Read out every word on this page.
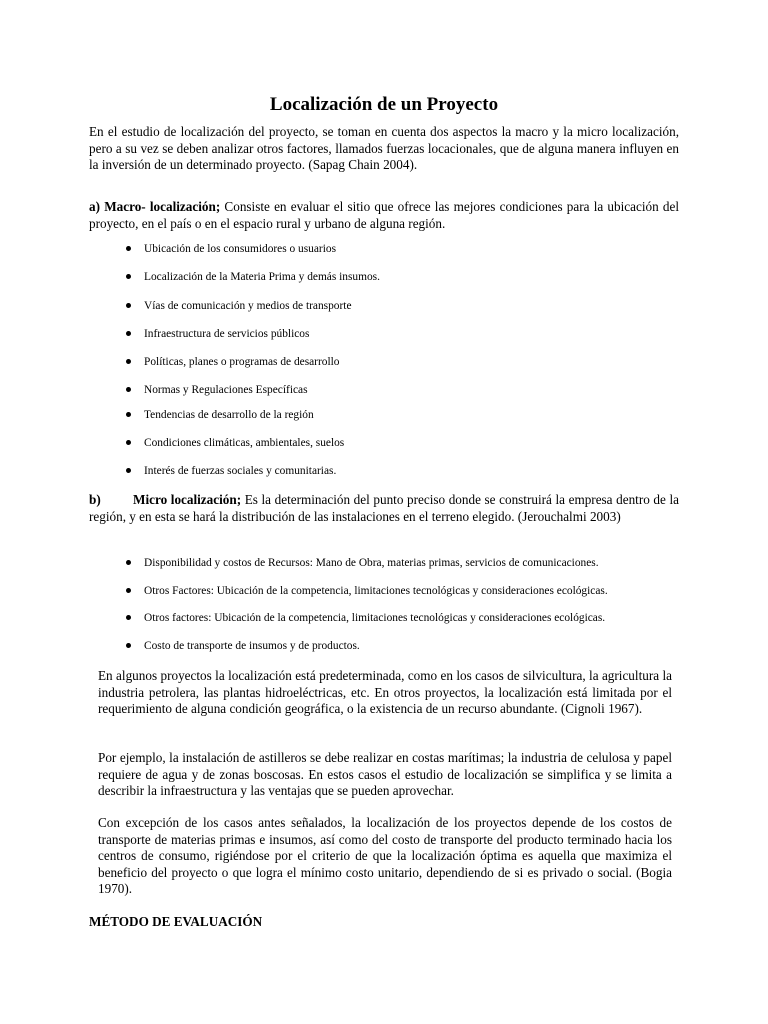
Localización de un Proyecto

En el estudio de localización del proyecto, se toman en cuenta dos aspectos la macro y la micro localización, pero a su vez se deben analizar otros factores, llamados fuerzas locacionales, que de alguna manera influyen en la inversión de un determinado proyecto. (Sapag Chain 2004).

a) Macro- localización; Consiste en evaluar el sitio que ofrece las mejores condiciones para la ubicación del proyecto, en el país o en el espacio rural y urbano de alguna región.

Ubicación de los consumidores o usuarios
Localización de la Materia Prima y demás insumos.
Vías de comunicación y medios de transporte
Infraestructura de servicios públicos
Políticas, planes o programas de desarrollo
Normas y Regulaciones Específicas
Tendencias de desarrollo de la región
Condiciones climáticas, ambientales, suelos
Interés de fuerzas sociales y comunitarias.

b) Micro localización; Es la determinación del punto preciso donde se construirá la empresa dentro de la región, y en esta se hará la distribución de las instalaciones en el terreno elegido. (Jerouchalmi 2003)

Disponibilidad y costos de Recursos: Mano de Obra, materias primas, servicios de comunicaciones.
Otros Factores: Ubicación de la competencia, limitaciones tecnológicas y consideraciones ecológicas.
Otros factores: Ubicación de la competencia, limitaciones tecnológicas y consideraciones ecológicas.
Costo de transporte de insumos y de productos.

En algunos proyectos la localización está predeterminada, como en los casos de silvicultura, la agricultura la industria petrolera, las plantas hidroeléctricas, etc. En otros proyectos, la localización está limitada por el requerimiento de alguna condición geográfica, o la existencia de un recurso abundante. (Cignoli 1967).

Por ejemplo, la instalación de astilleros se debe realizar en costas marítimas; la industria de celulosa y papel requiere de agua y de zonas boscosas. En estos casos el estudio de localización se simplifica y se limita a describir la infraestructura y las ventajas que se pueden aprovechar.

Con excepción de los casos antes señalados, la localización de los proyectos depende de los costos de transporte de materias primas e insumos, así como del costo de transporte del producto terminado hacia los centros de consumo, rigiéndose por el criterio de que la localización óptima es aquella que maximiza el beneficio del proyecto o que logra el mínimo costo unitario, dependiendo de si es privado o social. (Bogia 1970).

MÉTODO DE EVALUACIÓN
